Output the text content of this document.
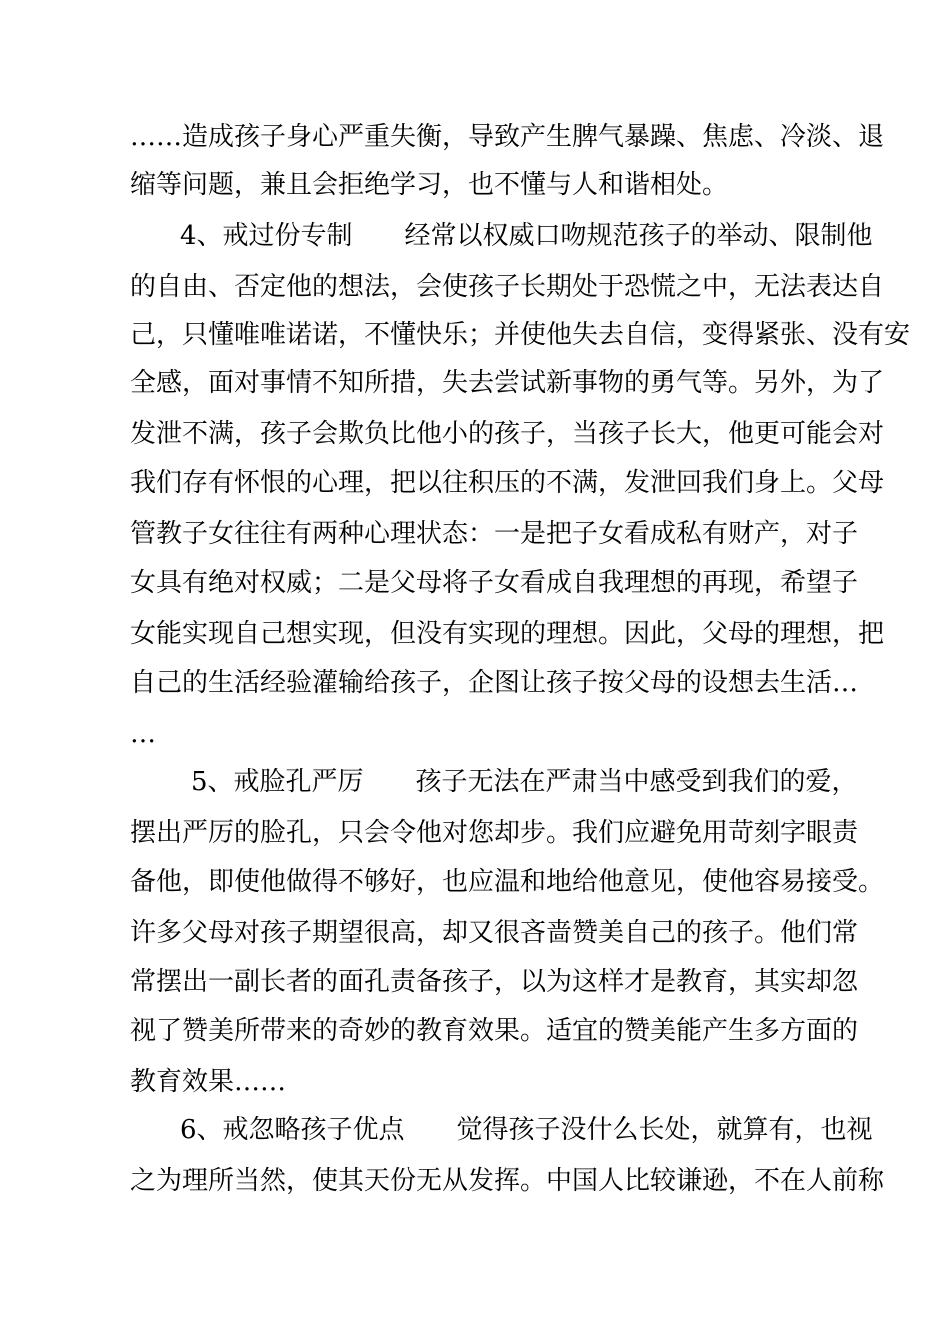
……造成孩子身心严重失衡，导致产生脾气暴躁、焦虑、冷淡、退
缩等问题，兼且会拒绝学习，也不懂与人和谐相处。
4、戒过份专制 经常以权威口吻规范孩子的举动、限制他
的自由、否定他的想法，会使孩子长期处于恐慌之中，无法表达自
己，只懂唯唯诺诺，不懂快乐；并使他失去自信，变得紧张、没有安
全感，面对事情不知所措，失去尝试新事物的勇气等。另外，为了
发泄不满，孩子会欺负比他小的孩子，当孩子长大，他更可能会对
我们存有怀恨的心理，把以往积压的不满，发泄回我们身上。父母
管教子女往往有两种心理状态：一是把子女看成私有财产，对子
女具有绝对权威；二是父母将子女看成自我理想的再现，希望子
女能实现自己想实现，但没有实现的理想。因此，父母的理想，把
自己的生活经验灌输给孩子，企图让孩子按父母的设想去生活…
…
5、戒脸孔严厉 孩子无法在严肃当中感受到我们的爱，
摆出严厉的脸孔，只会令他对您却步。我们应避免用苛刻字眼责
备他，即使他做得不够好，也应温和地给他意见，使他容易接受。
许多父母对孩子期望很高，却又很吝啬赞美自己的孩子。他们常
常摆出一副长者的面孔责备孩子，以为这样才是教育，其实却忽
视了赞美所带来的奇妙的教育效果。适宜的赞美能产生多方面的
教育效果……
6、戒忽略孩子优点 觉得孩子没什么长处，就算有，也视
之为理所当然，使其天份无从发挥。中国人比较谦逊，不在人前称
